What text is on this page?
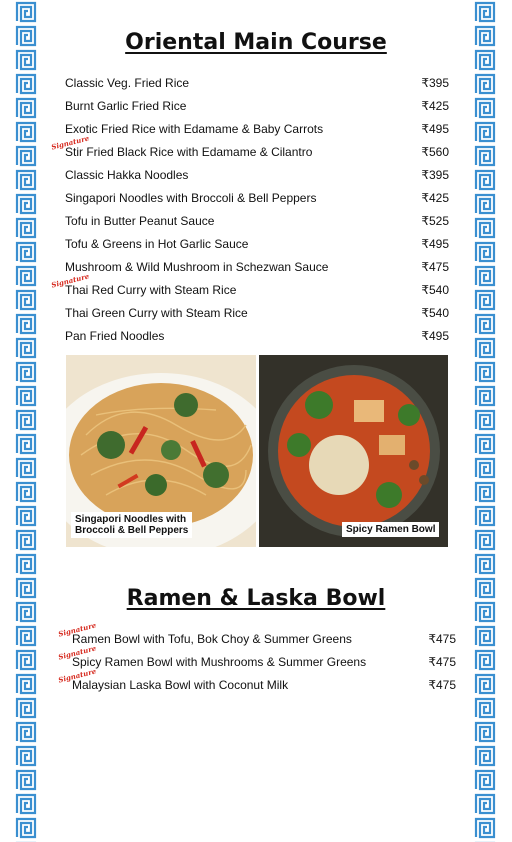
Oriental Main Course
Classic Veg. Fried Rice	₹395
Burnt Garlic Fried Rice	₹425
Exotic Fried Rice with Edamame & Baby Carrots	₹495
Signature
Stir Fried Black Rice with Edamame & Cilantro	₹560
Classic Hakka Noodles	₹395
Singapori Noodles with Broccoli & Bell Peppers	₹425
Tofu in Butter Peanut Sauce	₹525
Tofu & Greens in Hot Garlic Sauce	₹495
Mushroom & Wild Mushroom in Schezwan Sauce	₹475
Signature
Thai Red Curry with Steam Rice	₹540
Thai Green Curry with Steam Rice	₹540
Pan Fried Noodles	₹495
Singapori Noodles with
Broccoli & Bell Peppers	Spicy Ramen Bowl
Ramen & Laska Bowl
Signature
Ramen Bowl with Tofu, Bok Choy & Summer Greens	₹475
Signature
Spicy Ramen Bowl with Mushrooms & Summer Greens	₹475
Signature
Malaysian Laska Bowl with Coconut Milk	₹475
